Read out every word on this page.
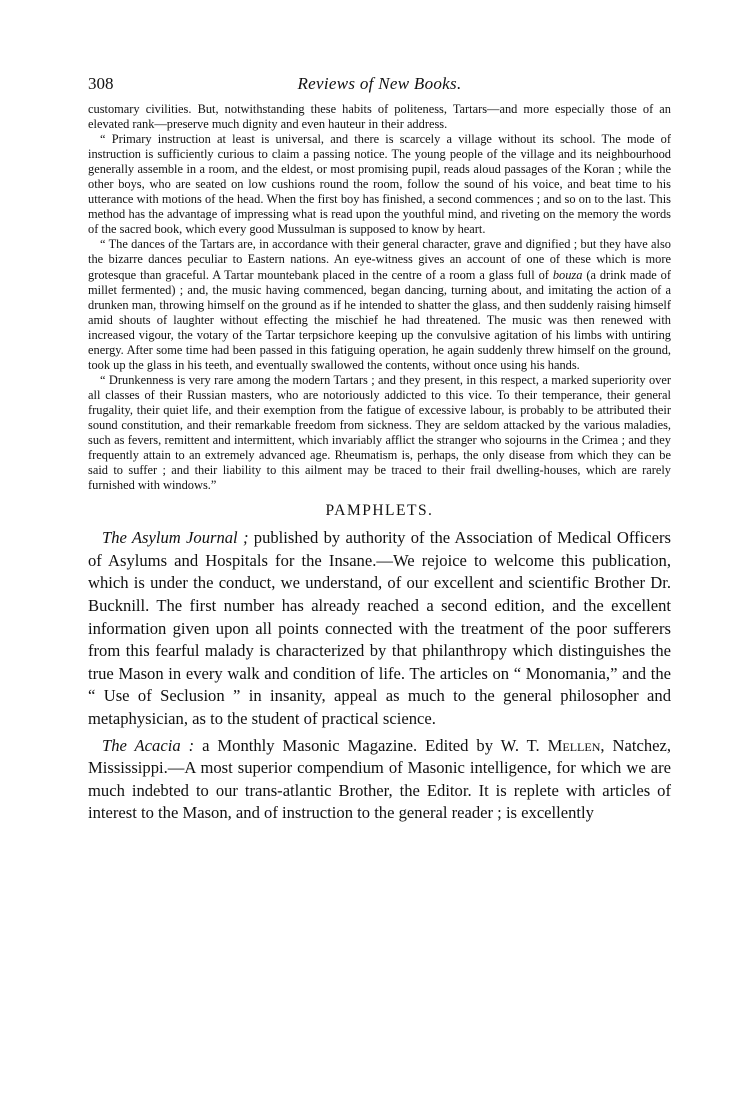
308	Reviews of New Books.

customary civilities. But, notwithstanding these habits of politeness, Tartars—and more especially those of an elevated rank—preserve much dignity and even hauteur in their address.

“ Primary instruction at least is universal, and there is scarcely a village without its school. The mode of instruction is sufficiently curious to claim a passing notice. The young people of the village and its neighbourhood generally assemble in a room, and the eldest, or most promising pupil, reads aloud passages of the Koran ; while the other boys, who are seated on low cushions round the room, follow the sound of his voice, and beat time to his utterance with motions of the head. When the first boy has finished, a second commences ; and so on to the last. This method has the advantage of impressing what is read upon the youthful mind, and riveting on the memory the words of the sacred book, which every good Mussulman is supposed to know by heart.

“ The dances of the Tartars are, in accordance with their general character, grave and dignified ; but they have also the bizarre dances peculiar to Eastern nations. An eye-witness gives an account of one of these which is more grotesque than graceful. A Tartar mountebank placed in the centre of a room a glass full of bouza (a drink made of millet fermented) ; and, the music having commenced, began dancing, turning about, and imitating the action of a drunken man, throwing himself on the ground as if he intended to shatter the glass, and then suddenly raising himself amid shouts of laughter without effecting the mischief he had threatened. The music was then renewed with increased vigour, the votary of the Tartar terpsichore keeping up the convulsive agitation of his limbs with untiring energy. After some time had been passed in this fatiguing operation, he again suddenly threw himself on the ground, took up the glass in his teeth, and eventually swallowed the contents, without once using his hands.

“ Drunkenness is very rare among the modern Tartars ; and they present, in this respect, a marked superiority over all classes of their Russian masters, who are notoriously addicted to this vice. To their temperance, their general frugality, their quiet life, and their exemption from the fatigue of excessive labour, is probably to be attributed their sound constitution, and their remarkable freedom from sickness. They are seldom attacked by the various maladies, such as fevers, remittent and intermittent, which invariably afflict the stranger who sojourns in the Crimea ; and they frequently attain to an extremely advanced age. Rheumatism is, perhaps, the only disease from which they can be said to suffer ; and their liability to this ailment may be traced to their frail dwelling-houses, which are rarely furnished with windows.”

PAMPHLETS.

The Asylum Journal ; published by authority of the Association of Medical Officers of Asylums and Hospitals for the Insane.—We rejoice to welcome this publication, which is under the conduct, we understand, of our excellent and scientific Brother Dr. Bucknill. The first number has already reached a second edition, and the excellent information given upon all points connected with the treatment of the poor sufferers from this fearful malady is characterized by that philanthropy which distinguishes the true Mason in every walk and condition of life. The articles on “ Monomania,” and the “ Use of Seclusion ” in insanity, appeal as much to the general philosopher and metaphysician, as to the student of practical science.

The Acacia : a Monthly Masonic Magazine. Edited by W. T. Mellen, Natchez, Mississippi.—A most superior compendium of Masonic intelligence, for which we are much indebted to our trans-atlantic Brother, the Editor. It is replete with articles of interest to the Mason, and of instruction to the general reader ; is excellently
